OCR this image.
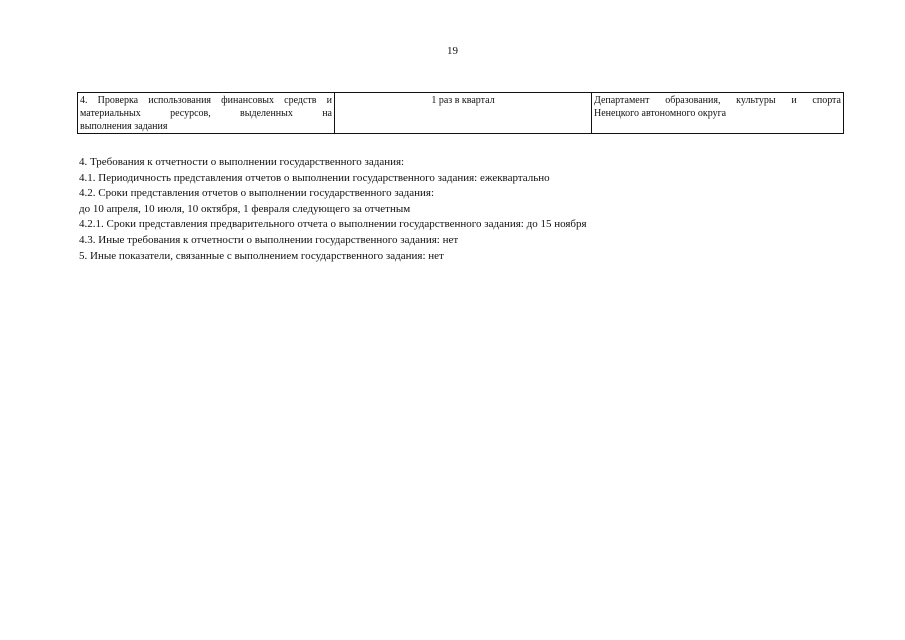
19
4. Проверка использования финансовых средств и
материальных ресурсов, выделенных на
выполнения задания	1 раз в квартал	Департамент образования, культуры и спорта
Ненецкого автономного округа

4. Требования к отчетности о выполнении государственного задания:

4.1. Периодичность представления отчетов о выполнении государственного задания: ежеквартально

4.2. Сроки представления отчетов о выполнении государственного задания:

до 10 апреля, 10 июля, 10 октября, 1 февраля следующего за отчетным

4.2.1. Сроки представления предварительного отчета о выполнении государственного задания: до 15 ноября

4.3. Иные требования к отчетности о выполнении государственного задания: нет

5. Иные показатели, связанные с выполнением государственного задания: нет
